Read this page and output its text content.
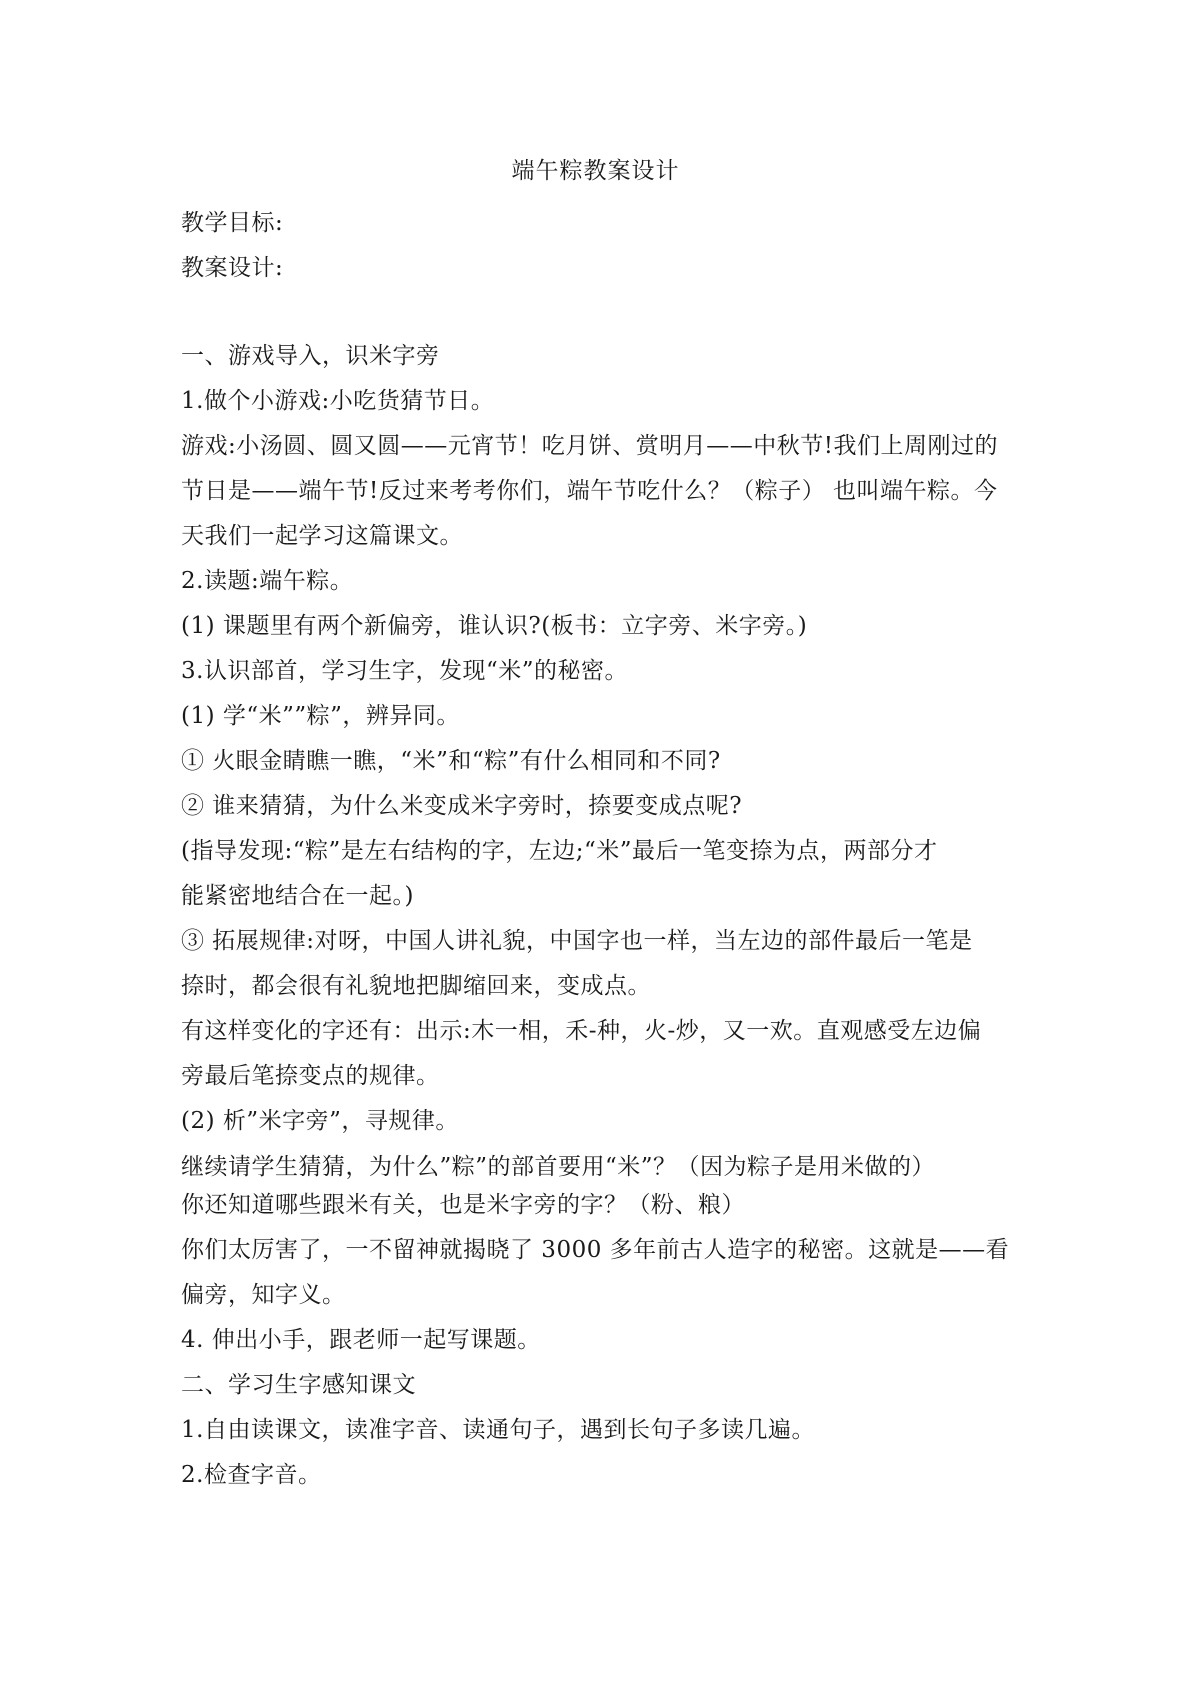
端午粽教案设计
教学目标:
教案设计:
一、游戏导入，识米字旁
1.做个小游戏:小吃货猜节日。
游戏:小汤圆、圆又圆——元宵节！吃月饼、赏明月——中秋节!我们上周刚过的
节日是——端午节!反过来考考你们，端午节吃什么？（粽子） 也叫端午粽。今
天我们一起学习这篇课文。
2.读题:端午粽。
(1) 课题里有两个新偏旁，谁认识?(板书：立字旁、米字旁。)
3.认识部首，学习生字，发现“米”的秘密。
(1) 学“米””粽”，辨异同。
① 火眼金睛瞧一瞧，“米”和“粽”有什么相同和不同?
② 谁来猜猜，为什么米变成米字旁时，捺要变成点呢?
(指导发现:“粽”是左右结构的字，左边;“米”最后一笔变捺为点，两部分才
能紧密地结合在一起。)
③ 拓展规律:对呀，中国人讲礼貌，中国字也一样，当左边的部件最后一笔是
捺时，都会很有礼貌地把脚缩回来，变成点。
有这样变化的字还有：出示:木一相，禾-种，火-炒，又一欢。直观感受左边偏
旁最后笔捺变点的规律。
(2) 析”米字旁”，寻规律。
继续请学生猜猜，为什么”粽”的部首要用“米”？（因为粽子是用米做的）
你还知道哪些跟米有关，也是米字旁的字？（粉、粮）
你们太厉害了，一不留神就揭晓了 3000 多年前古人造字的秘密。这就是——看
偏旁，知字义。
4. 伸出小手，跟老师一起写课题。
二、学习生字感知课文
1.自由读课文，读准字音、读通句子，遇到长句子多读几遍。
2.检查字音。
